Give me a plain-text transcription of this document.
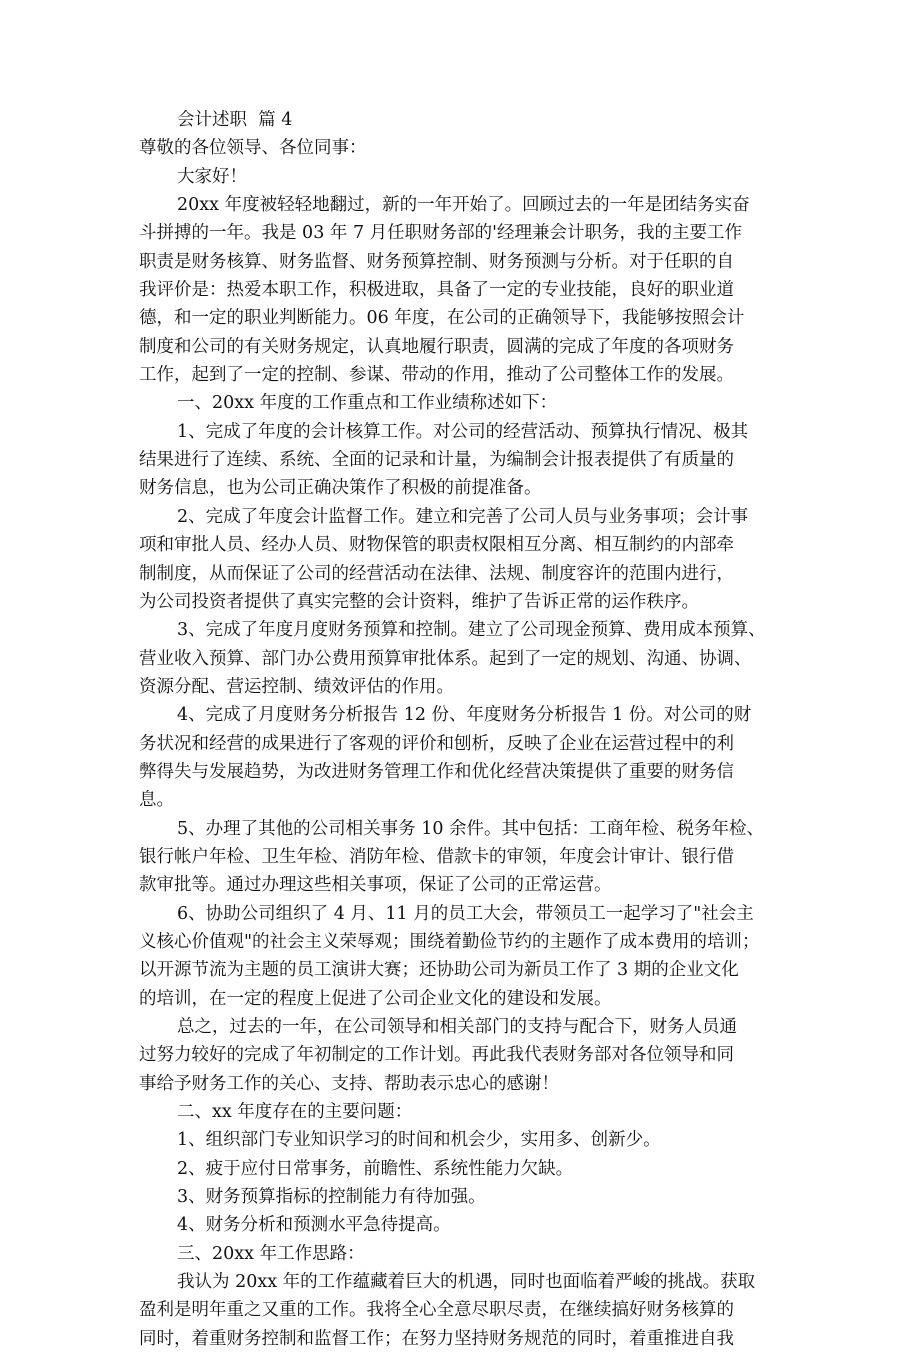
会计述职  篇 4
尊敬的各位领导、各位同事：
大家好！
20xx 年度被轻轻地翻过，新的一年开始了。回顾过去的一年是团结务实奋
斗拼搏的一年。我是 03 年 7 月任职财务部的'经理兼会计职务，我的主要工作
职责是财务核算、财务监督、财务预算控制、财务预测与分析。对于任职的自
我评价是：热爱本职工作，积极进取，具备了一定的专业技能，良好的职业道
德，和一定的职业判断能力。06 年度，在公司的正确领导下，我能够按照会计
制度和公司的有关财务规定，认真地履行职责，圆满的完成了年度的各项财务
工作，起到了一定的控制、参谋、带动的作用，推动了公司整体工作的发展。
一、20xx 年度的工作重点和工作业绩称述如下：
1、完成了年度的会计核算工作。对公司的经营活动、预算执行情况、极其
结果进行了连续、系统、全面的记录和计量，为编制会计报表提供了有质量的
财务信息，也为公司正确决策作了积极的前提准备。
2、完成了年度会计监督工作。建立和完善了公司人员与业务事项；会计事
项和审批人员、经办人员、财物保管的职责权限相互分离、相互制约的内部牵
制制度，从而保证了公司的经营活动在法律、法规、制度容许的范围内进行，
为公司投资者提供了真实完整的会计资料，维护了告诉正常的运作秩序。
3、完成了年度月度财务预算和控制。建立了公司现金预算、费用成本预算、
营业收入预算、部门办公费用预算审批体系。起到了一定的规划、沟通、协调、
资源分配、营运控制、绩效评估的作用。
4、完成了月度财务分析报告 12 份、年度财务分析报告 1 份。对公司的财
务状况和经营的成果进行了客观的评价和刨析，反映了企业在运营过程中的利
弊得失与发展趋势，为改进财务管理工作和优化经营决策提供了重要的财务信
息。
5、办理了其他的公司相关事务 10 余件。其中包括：工商年检、税务年检、
银行帐户年检、卫生年检、消防年检、借款卡的审领，年度会计审计、银行借
款审批等。通过办理这些相关事项，保证了公司的正常运营。
6、协助公司组织了 4 月、11 月的员工大会，带领员工一起学习了"社会主
义核心价值观"的社会主义荣辱观；围绕着勤俭节约的主题作了成本费用的培训；
以开源节流为主题的员工演讲大赛；还协助公司为新员工作了 3 期的企业文化
的培训，在一定的程度上促进了公司企业文化的建设和发展。
总之，过去的一年，在公司领导和相关部门的支持与配合下，财务人员通
过努力较好的完成了年初制定的工作计划。再此我代表财务部对各位领导和同
事给予财务工作的关心、支持、帮助表示忠心的感谢！
二、xx 年度存在的主要问题：
1、组织部门专业知识学习的时间和机会少，实用多、创新少。
2、疲于应付日常事务，前瞻性、系统性能力欠缺。
3、财务预算指标的控制能力有待加强。
4、财务分析和预测水平急待提高。
三、20xx 年工作思路：
我认为 20xx 年的工作蕴藏着巨大的机遇，同时也面临着严峻的挑战。获取
盈利是明年重之又重的工作。我将全心全意尽职尽责，在继续搞好财务核算的
同时，着重财务控制和监督工作；在努力坚持财务规范的同时，着重推进自我
